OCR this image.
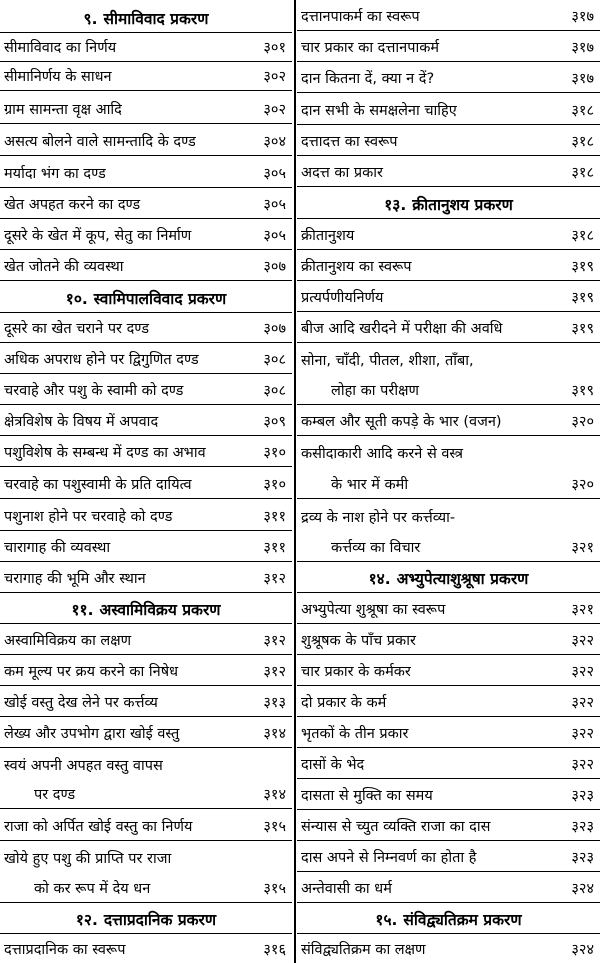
९. सीमाविवाद प्रकरण
सीमाविवाद का निर्णय	३०१
सीमानिर्णय के साधन	३०२
ग्राम सामन्ता वृक्ष आदि	३०२
असत्य बोलने वाले सामन्तादि के दण्ड	३०४
मर्यादा भंग का दण्ड	३०५
खेत अपहत करने का दण्ड	३०५
दूसरे के खेत में कूप, सेतु का निर्माण	३०५
खेत जोतने की व्यवस्था	३०७
१०. स्वामिपालविवाद प्रकरण
दूसरे का खेत चराने पर दण्ड	३०७
अधिक अपराध होने पर द्विगुणित दण्ड	३०८
चरवाहे और पशु के स्वामी को दण्ड	३०८
क्षेत्रविशेष के विषय में अपवाद	३०९
पशुविशेष के सम्बन्ध में दण्ड का अभाव	३१०
चरवाहे का पशुस्वामी के प्रति दायित्व	३१०
पशुनाश होने पर चरवाहे को दण्ड	३११
चारागाह की व्यवस्था	३११
चरागाह की भूमि और स्थान	३१२
११. अस्वामिविक्रय प्रकरण
अस्वामिविक्रय का लक्षण	३१२
कम मूल्य पर क्रय करने का निषेध	३१२
खोई वस्तु देख लेने पर कर्त्तव्य	३१३
लेख्य और उपभोग द्वारा खोई वस्तु	३१४
स्वयं अपनी अपहत वस्तु वापस
पर दण्ड	३१४
राजा को अर्पित खोई वस्तु का निर्णय	३१५
खोये हुए पशु की प्राप्ति पर राजा
को कर रूप में देय धन	३१५
१२. दत्ताप्रदानिक प्रकरण
दत्ताप्रदानिक का स्वरूप	३१६
दत्तानपाकर्म का स्वरूप	३१७
चार प्रकार का दत्तानपाकर्म	३१७
दान कितना दें, क्या न दें?	३१७
दान सभी के समक्षलेना चाहिए	३१८
दत्तादत्त का स्वरूप	३१८
अदत्त का प्रकार	३१८
१३. क्रीतानुशय प्रकरण
क्रीतानुशय	३१८
क्रीतानुशय का स्वरूप	३१९
प्रत्यर्पणीयनिर्णय	३१९
बीज आदि खरीदने में परीक्षा की अवधि	३१९
सोना, चाँदी, पीतल, शीशा, ताँबा,
लोहा का परीक्षण	३१९
कम्बल और सूती कपड़े के भार (वजन)	३२०
कसीदाकारी आदि करने से वस्त्र
के भार में कमी	३२०
द्रव्य के नाश होने पर कर्त्तव्या-
कर्त्तव्य का विचार	३२१
१४. अभ्युपेत्याशुश्रूषा प्रकरण
अभ्युपेत्या शुश्रूषा का स्वरूप	३२१
शुश्रूषक के पाँच प्रकार	३२२
चार प्रकार के कर्मकर	३२२
दो प्रकार के कर्म	३२२
भृतकों के तीन प्रकार	३२२
दासों के भेद	३२२
दासता से मुक्ति का समय	३२३
संन्यास से च्युत व्यक्ति राजा का दास	३२३
दास अपने से निम्नवर्ण का होता है	३२३
अन्तेवासी का धर्म	३२४
१५. संविद्व्यतिक्रम प्रकरण
संविद्व्यतिक्रम का लक्षण	३२४
